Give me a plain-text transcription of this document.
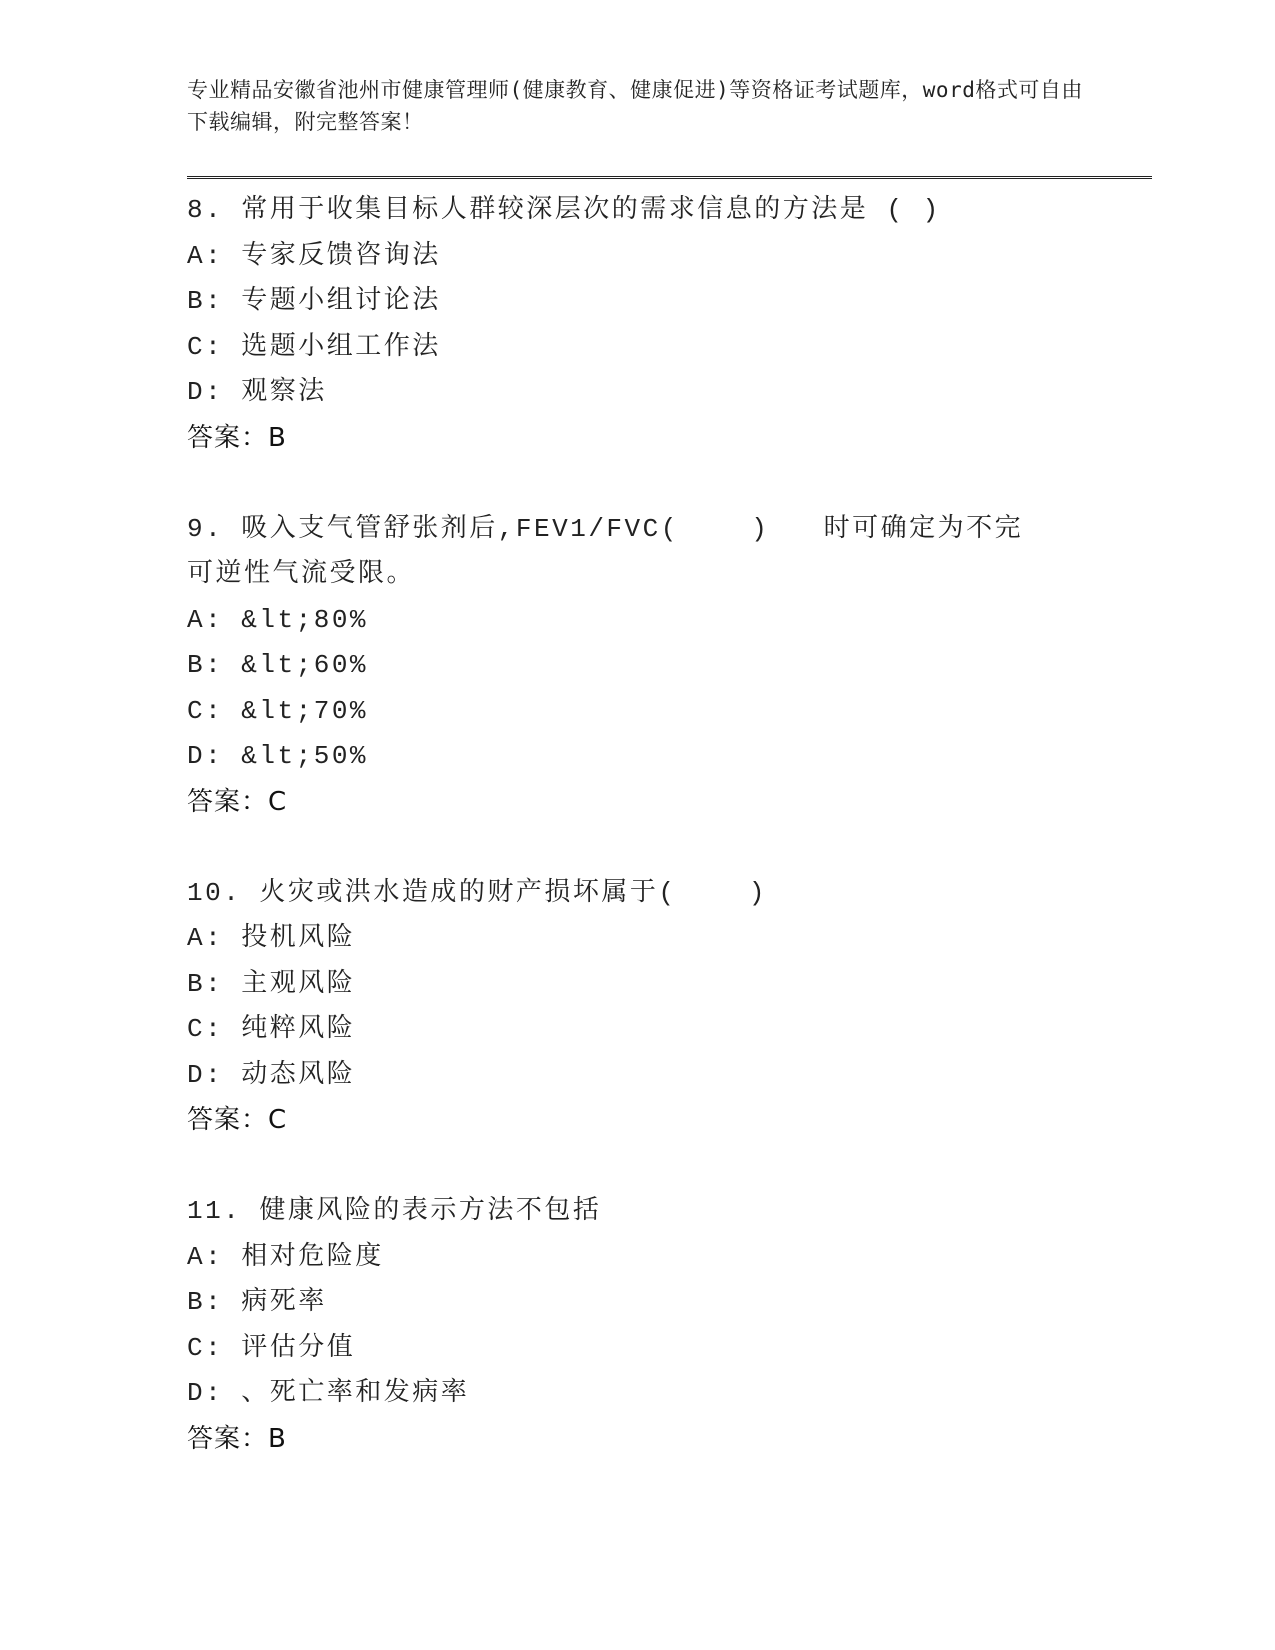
专业精品安徽省池州市健康管理师(健康教育、健康促进)等资格证考试题库，word格式可自由下载编辑，附完整答案！
8. 常用于收集目标人群较深层次的需求信息的方法是 ( )
A: 专家反馈咨询法
B: 专题小组讨论法
C: 选题小组工作法
D: 观察法
答案：B
9. 吸入支气管舒张剂后,FEV1/FVC(    )   时可确定为不完可逆性气流受限。
A: &lt;80%
B: &lt;60%
C: &lt;70%
D: &lt;50%
答案：C
10. 火灾或洪水造成的财产损坏属于(    )
A: 投机风险
B: 主观风险
C: 纯粹风险
D: 动态风险
答案：C
11. 健康风险的表示方法不包括
A: 相对危险度
B: 病死率
C: 评估分值
D: 、死亡率和发病率
答案：B
